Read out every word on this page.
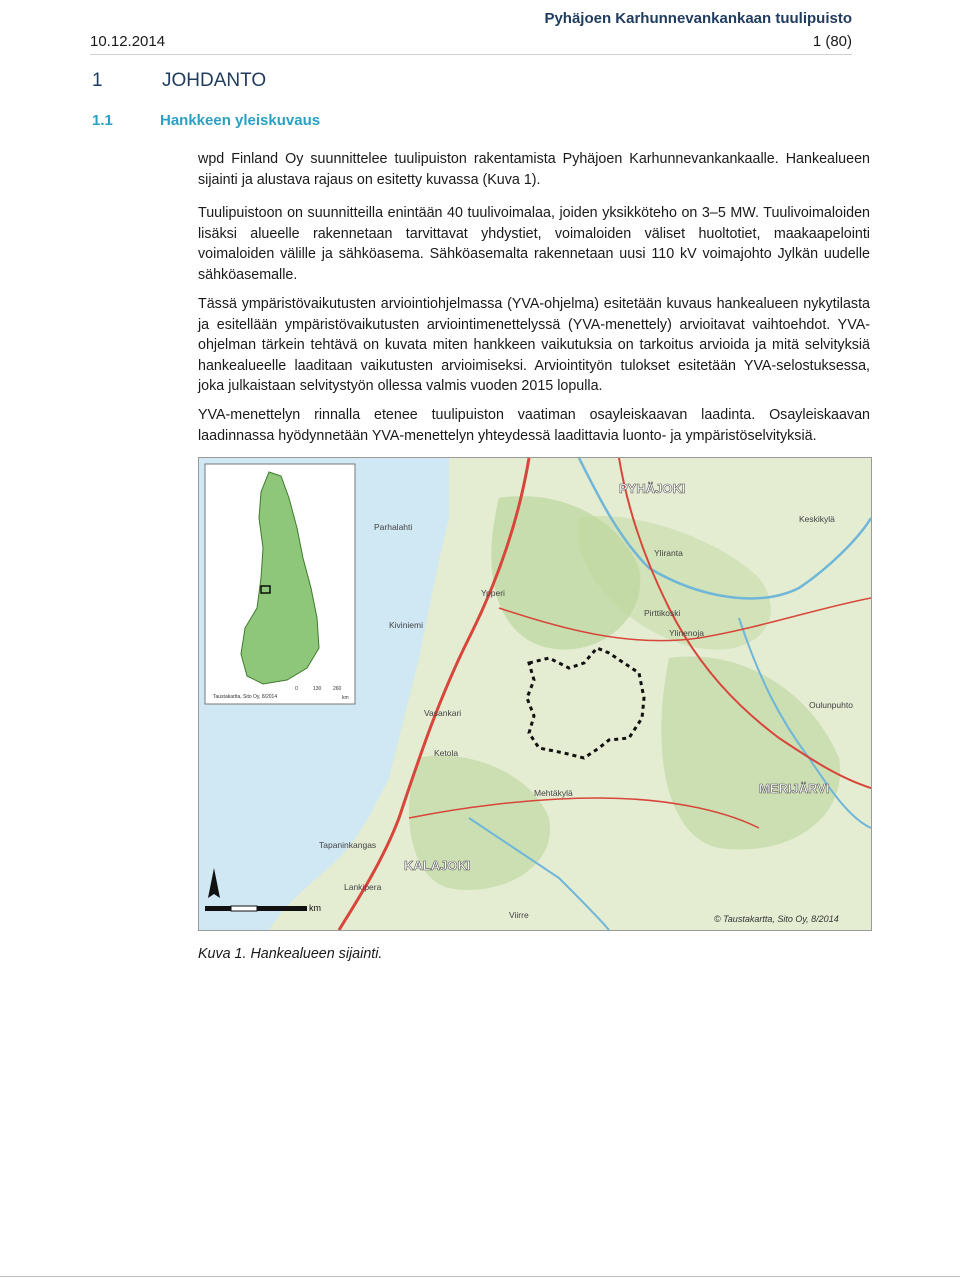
Pyhäjoen Karhunnevankankaan tuulipuisto
10.12.2014	1 (80)
1	JOHDANTO
1.1	Hankkeen yleiskuvaus

wpd Finland Oy suunnittelee tuulipuiston rakentamista Pyhäjoen Karhunnevankankaalle. Hankealueen sijainti ja alustava rajaus on esitetty kuvassa (Kuva 1).

Tuulipuistoon on suunnitteilla enintään 40 tuulivoimalaa, joiden yksikköteho on 3–5 MW. Tuulivoimaloiden lisäksi alueelle rakennetaan tarvittavat yhdystiet, voimaloiden väliset huoltotiet, maakaapelointi voimaloiden välille ja sähköasema. Sähköasemalta rakennetaan uusi 110 kV voimajohto Jylkän uudelle sähköasemalle.

Tässä ympäristövaikutusten arviointiohjelmassa (YVA-ohjelma) esitetään kuvaus hankealueen nykytilasta ja esitellään ympäristövaikutusten arviointimenettelyssä (YVA-menettely) arvioitavat vaihtoehdot. YVA-ohjelman tärkein tehtävä on kuvata miten hankkeen vaikutuksia on tarkoitus arvioida ja mitä selvityksiä hankealueelle laaditaan vaikutusten arvioimiseksi. Arviointityön tulokset esitetään YVA-selostuksessa, joka julkaistaan selvitystyön ollessa valmis vuoden 2015 lopulla.

YVA-menettelyn rinnalla etenee tuulipuiston vaatiman osayleiskaavan laadinta. Osayleiskaavan laadinnassa hyödynnetään YVA-menettelyn yhteydessä laadittavia luonto- ja ympäristöselvityksiä.

PYHÄJOKI
MERIJÄRVI
KALAJOKI
Keskikylä
Ypperi
Yliranta
Parhalahti
Kiviniemi
Pirttikoski
Ylinenoja
Oulunpuhto
Vasankari
Ketola
Mehtäkylä
Lankipera
Tapaninkangas
Viirre
Taustakartta, Sito Oy, 8/2014
0	130 260
km
km
© Taustakartta, Sito Oy, 8/2014
Kuva 1. Hankealueen sijainti.
